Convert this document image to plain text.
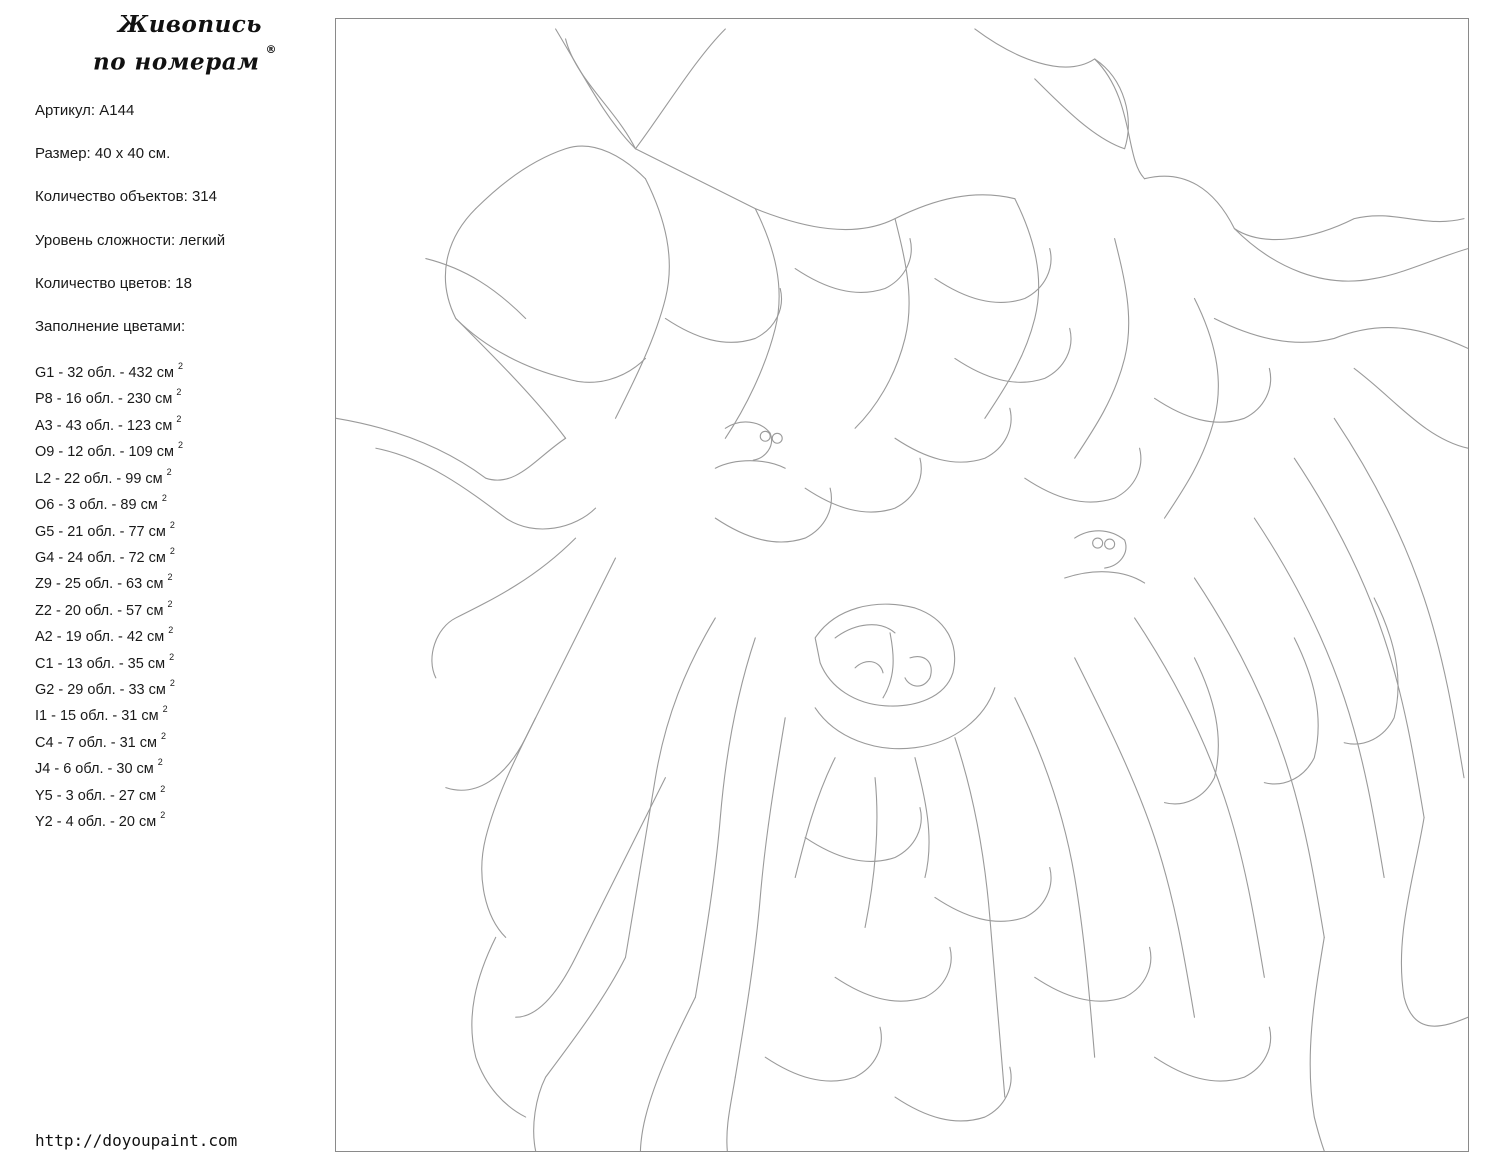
Живопись
по номерам ®
Артикул: A144
Размер: 40 х 40 см.
Количество объектов: 314
Уровень сложности: легкий
Количество цветов: 18
Заполнение цветами:
G1 - 32 обл. - 432 см $^2$
P8 - 16 обл. - 230 см $^2$
A3 - 43 обл. - 123 см $^2$
O9 - 12 обл. - 109 см $^2$
L2 - 22 обл. - 99 см $^2$
O6 - 3 обл. - 89 см $^2$
G5 - 21 обл. - 77 см $^2$
G4 - 24 обл. - 72 см $^2$
Z9 - 25 обл. - 63 см $^2$
Z2 - 20 обл. - 57 см $^2$
A2 - 19 обл. - 42 см $^2$
C1 - 13 обл. - 35 см $^2$
G2 - 29 обл. - 33 см $^2$
I1 - 15 обл. - 31 см $^2$
C4 - 7 обл. - 31 см $^2$
J4 - 6 обл. - 30 см $^2$
Y5 - 3 обл. - 27 см $^2$
Y2 - 4 обл. - 20 см $^2$
http://doyoupaint.com
